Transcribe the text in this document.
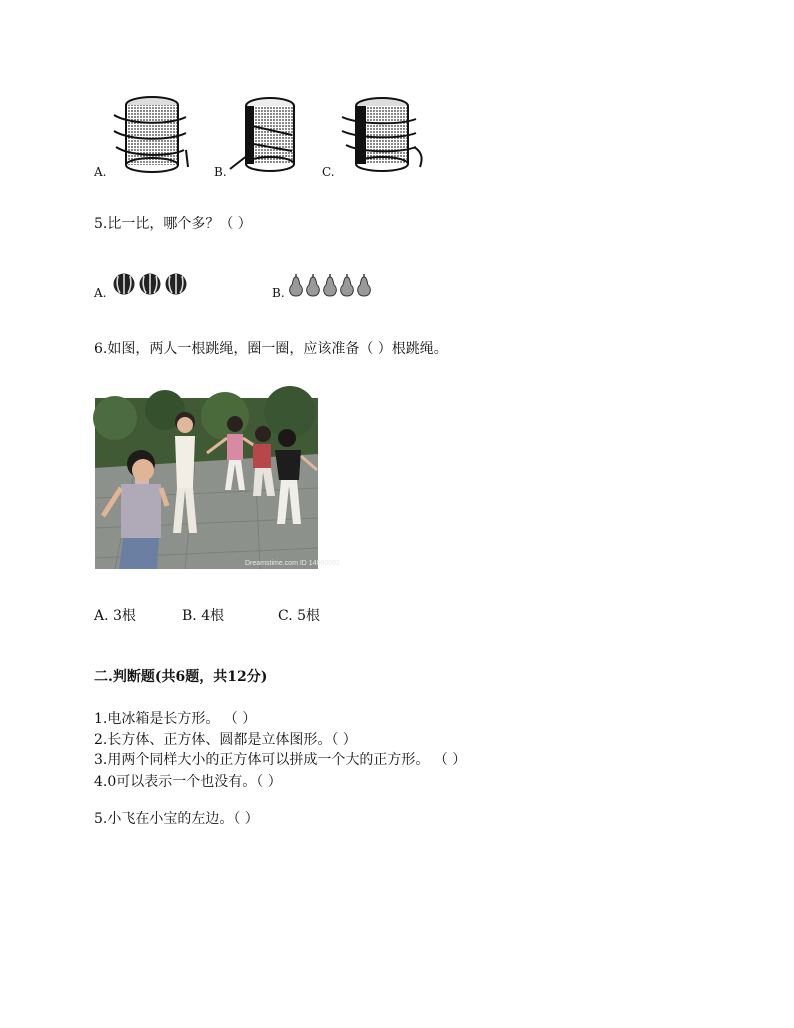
A.	B.	C.
5.比一比，哪个多？（ ）
A.	B.
6.如图，两人一根跳绳，圈一圈，应该准备（ ）根跳绳。
Dreamstime.com ID 14060082
A. 3根	B. 4根	C. 5根
二.判断题(共6题，共12分)
1.电冰箱是长方形。 （ ）
2.长方体、正方体、圆都是立体图形。（ ）
3.用两个同样大小的正方体可以拼成一个大的正方形。 （ ）
4.0可以表示一个也没有。（ ）
5.小飞在小宝的左边。（ ）
